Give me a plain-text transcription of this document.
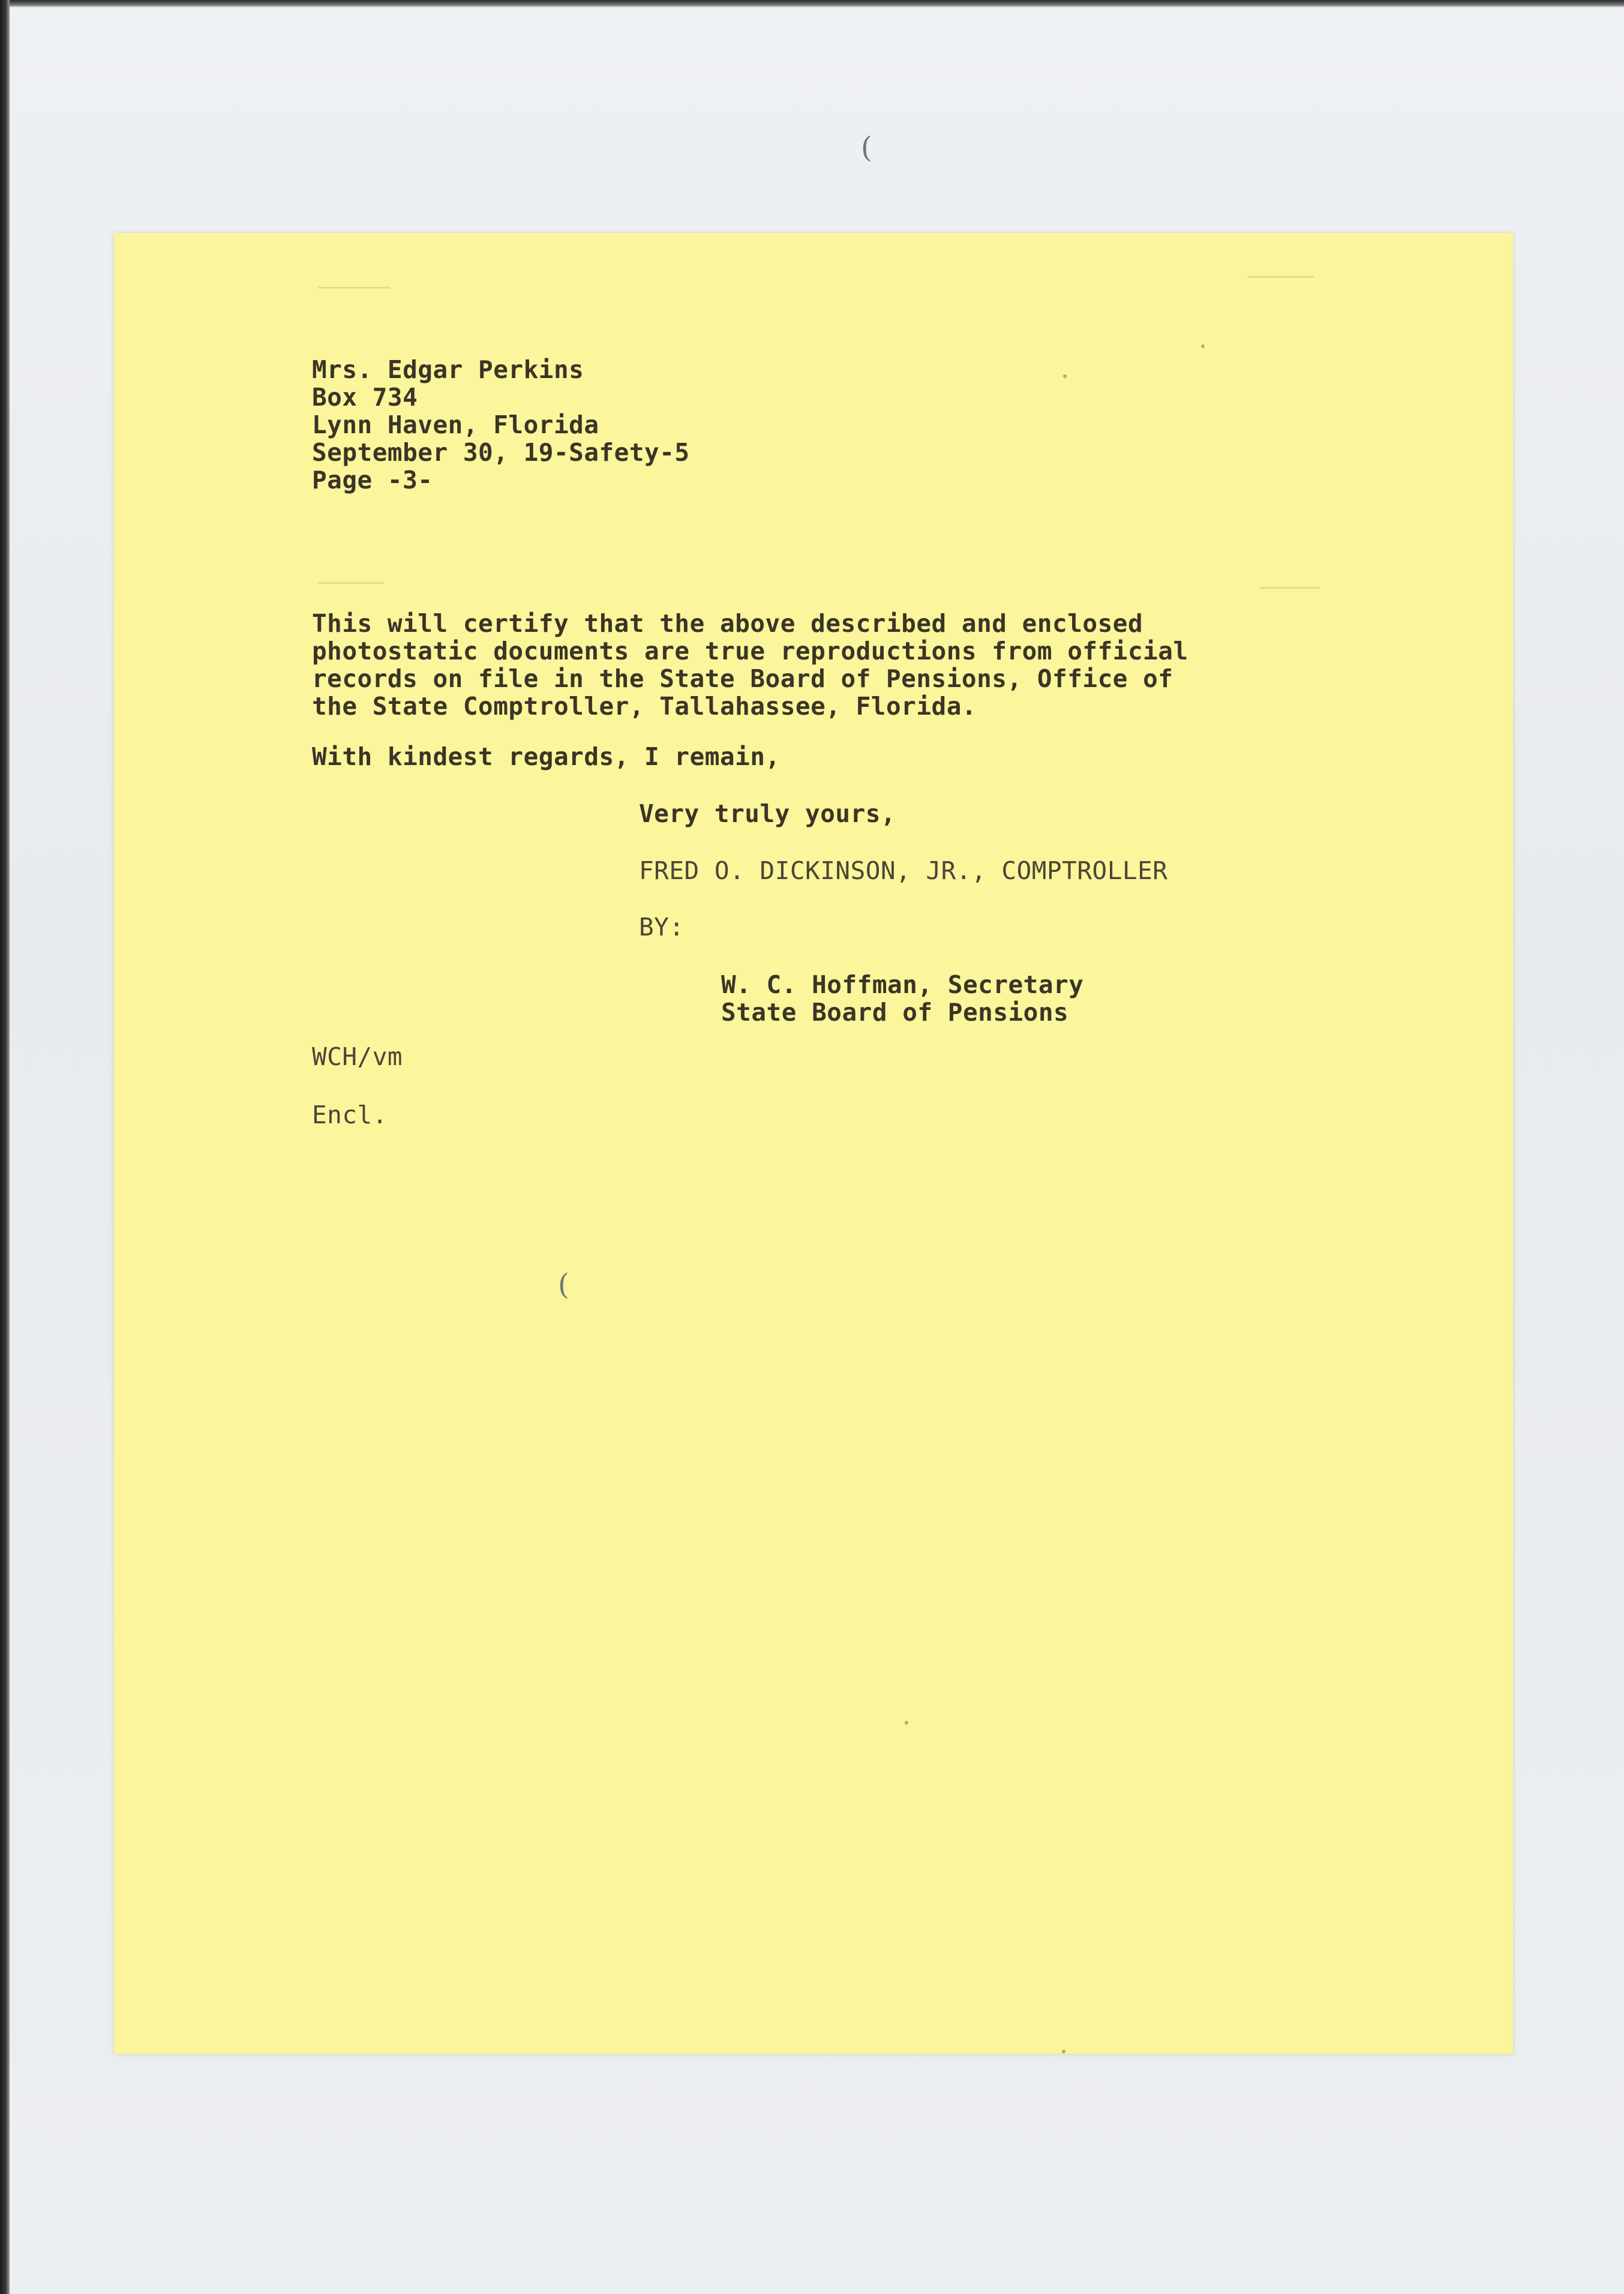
(
Mrs. Edgar Perkins
Box 734
Lynn Haven, Florida
September 30, 19-Safety-5
Page -3-
This will certify that the above described and enclosed
photostatic documents are true reproductions from official
records on file in the State Board of Pensions, Office of
the State Comptroller, Tallahassee, Florida.
With kindest regards, I remain,
Very truly yours,
FRED O. DICKINSON, JR., COMPTROLLER
BY:
W. C. Hoffman, Secretary
State Board of Pensions
WCH/vm
Encl.
(
